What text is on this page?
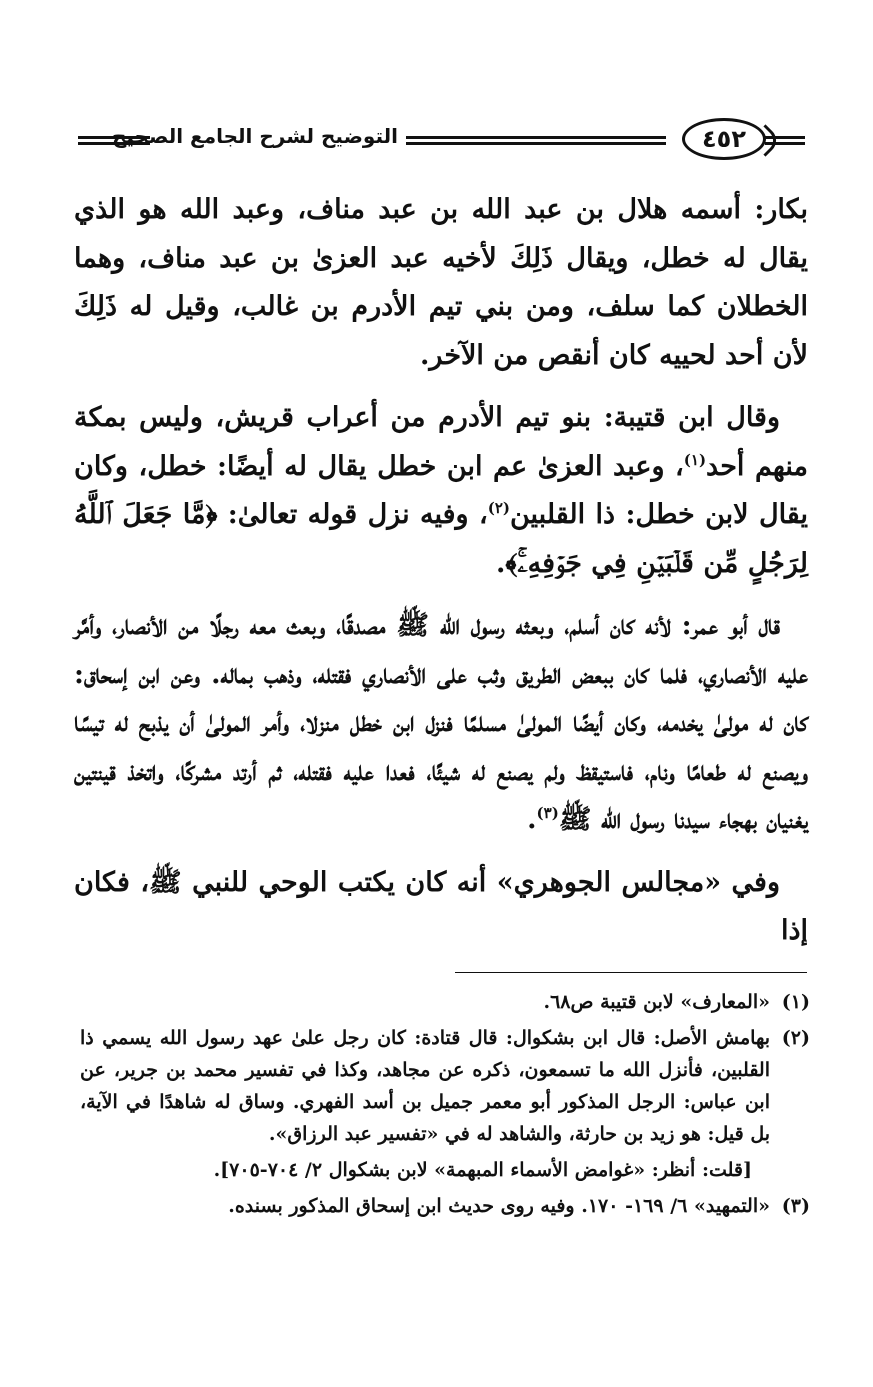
التوضيح لشرح الجامع الصحيح	٤٥٢

بكار: أسمه هلال بن عبد الله بن عبد مناف، وعبد الله هو الذي يقال له خطل، ويقال ذَلِكَ لأخيه عبد العزىٰ بن عبد مناف، وهما الخطلان كما سلف، ومن بني تيم الأدرم بن غالب، وقيل له ذَلِكَ لأن أحد لحييه كان أنقص من الآخر.

وقال ابن قتيبة: بنو تيم الأدرم من أعراب قريش، وليس بمكة منهم أحد$^{(١)}$، وعبد العزىٰ عم ابن خطل يقال له أيضًا: خطل، وكان يقال لابن خطل: ذا القلبين$^{(٢)}$، وفيه نزل قوله تعالىٰ: ﴿مَّا جَعَلَ ٱللَّهُ لِرَجُلٍ مِّن قَلۡبَيۡنِ فِي جَوۡفِهِۦۚ﴾.

قال أبو عمر: لأنه كان أسلم، وبعثه رسول الله ﷺ مصدقًا، وبعث معه رجلًا من الأنصار، وأمَّر عليه الأنصاري، فلما كان ببعض الطريق وثب على الأنصاري فقتله، وذهب بماله. وعن ابن إسحاق: كان له مولىٰ يخدمه، وكان أيضًا المولىٰ مسلمًا فنزل ابن خطل منزلا، وأمر المولىٰ أن يذبح له تيسًا ويصنع له طعامًا ونام، فاستيقظ ولم يصنع له شيئًا، فعدا عليه فقتله، ثم أرتد مشركًا، واتخذ قينتين يغنيان بهجاء سيدنا رسول الله ﷺ$^{(٣)}$.

وفي «مجالس الجوهري» أنه كان يكتب الوحي للنبي ﷺ، فكان إذا

(١)

«المعارف» لابن قتيبة ص٦٨.

(٢)

بهامش الأصل: قال ابن بشكوال: قال قتادة: كان رجل علىٰ عهد رسول الله يسمي ذا القلبين، فأنزل الله ما تسمعون، ذكره عن مجاهد، وكذا في تفسير محمد بن جرير، عن ابن عباس: الرجل المذكور أبو معمر جميل بن أسد الفهري. وساق له شاهدًا في الآية، بل قيل: هو زيد بن حارثة، والشاهد له في «تفسير عبد الرزاق».

[قلت: أنظر: «غوامض الأسماء المبهمة» لابن بشكوال ٢/ ٧٠٤-٧٠٥].

(٣)

«التمهيد» ٦/ ١٦٩- ١٧٠. وفيه روى حديث ابن إسحاق المذكور بسنده.
